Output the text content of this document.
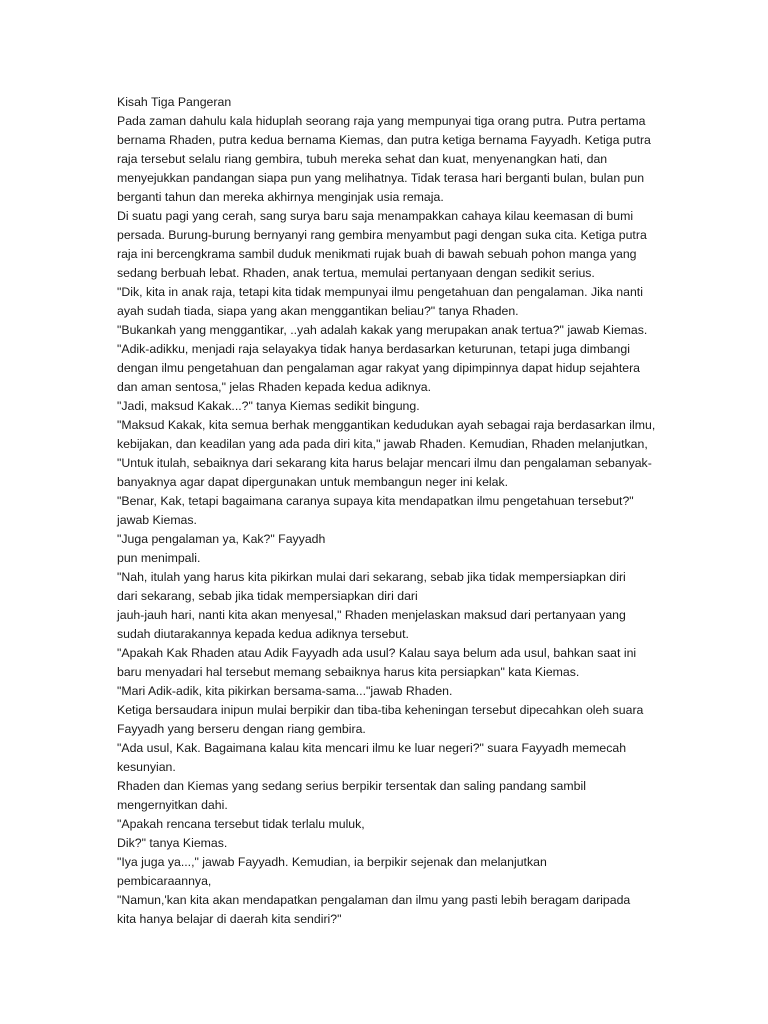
Kisah Tiga Pangeran
Pada zaman dahulu kala hiduplah seorang raja yang mempunyai tiga orang putra. Putra pertama
bernama Rhaden, putra kedua bernama Kiemas, dan putra ketiga bernama Fayyadh. Ketiga putra
raja tersebut selalu riang gembira, tubuh mereka sehat dan kuat, menyenangkan hati, dan
menyejukkan pandangan siapa pun yang melihatnya. Tidak terasa hari berganti bulan, bulan pun
berganti tahun dan mereka akhirnya menginjak usia remaja.
Di suatu pagi yang cerah, sang surya baru saja menampakkan cahaya kilau keemasan di bumi
persada. Burung-burung bernyanyi rang gembira menyambut pagi dengan suka cita. Ketiga putra
raja ini bercengkrama sambil duduk menikmati rujak buah di bawah sebuah pohon manga yang
sedang berbuah lebat. Rhaden, anak tertua, memulai pertanyaan dengan sedikit serius.
"Dik, kita in anak raja, tetapi kita tidak mempunyai ilmu pengetahuan dan pengalaman. Jika nanti
ayah sudah tiada, siapa yang akan menggantikan beliau?" tanya Rhaden.
"Bukankah yang menggantikar, ..yah adalah kakak yang merupakan anak tertua?" jawab Kiemas.
"Adik-adikku, menjadi raja selayakya tidak hanya berdasarkan keturunan, tetapi juga dimbangi
dengan ilmu pengetahuan dan pengalaman agar rakyat yang dipimpinnya dapat hidup sejahtera
dan aman sentosa," jelas Rhaden kepada kedua adiknya.
"Jadi, maksud Kakak...?" tanya Kiemas sedikit bingung.
"Maksud Kakak, kita semua berhak menggantikan kedudukan ayah sebagai raja berdasarkan ilmu,
kebijakan, dan keadilan yang ada pada diri kita," jawab Rhaden. Kemudian, Rhaden melanjutkan,
"Untuk itulah, sebaiknya dari sekarang kita harus belajar mencari ilmu dan pengalaman sebanyak-
banyaknya agar dapat dipergunakan untuk membangun neger ini kelak.
"Benar, Kak, tetapi bagaimana caranya supaya kita mendapatkan ilmu pengetahuan tersebut?"
jawab Kiemas.
"Juga pengalaman ya, Kak?" Fayyadh
pun menimpali.
"Nah, itulah yang harus kita pikirkan mulai dari sekarang, sebab jika tidak mempersiapkan diri
dari sekarang, sebab jika tidak mempersiapkan diri dari
jauh-jauh hari, nanti kita akan menyesal," Rhaden menjelaskan maksud dari pertanyaan yang
sudah diutarakannya kepada kedua adiknya tersebut.
"Apakah Kak Rhaden atau Adik Fayyadh ada usul? Kalau saya belum ada usul, bahkan saat ini
baru menyadari hal tersebut memang sebaiknya harus kita persiapkan" kata Kiemas.
"Mari Adik-adik, kita pikirkan bersama-sama..."jawab Rhaden.
Ketiga bersaudara inipun mulai berpikir dan tiba-tiba keheningan tersebut dipecahkan oleh suara
Fayyadh yang berseru dengan riang gembira.
"Ada usul, Kak. Bagaimana kalau kita mencari ilmu ke luar negeri?" suara Fayyadh memecah
kesunyian.
Rhaden dan Kiemas yang sedang serius berpikir tersentak dan saling pandang sambil
mengernyitkan dahi.
"Apakah rencana tersebut tidak terlalu muluk,
Dik?" tanya Kiemas.
"Iya juga ya...," jawab Fayyadh. Kemudian, ia berpikir sejenak dan melanjutkan
pembicaraannya,
"Namun,'kan kita akan mendapatkan pengalaman dan ilmu yang pasti lebih beragam daripada
kita hanya belajar di daerah kita sendiri?"
